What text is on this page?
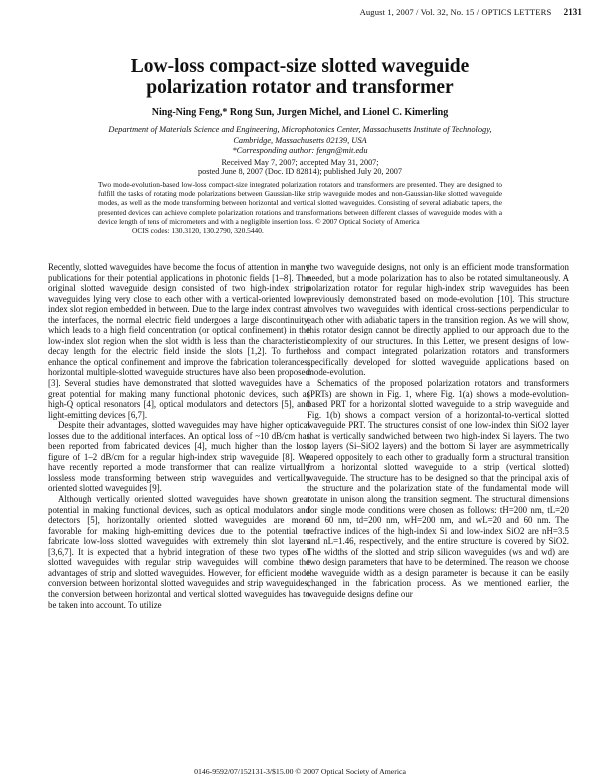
August 1, 2007 / Vol. 32, No. 15 / OPTICS LETTERS 2131
Low-loss compact-size slotted waveguide
polarization rotator and transformer
Ning-Ning Feng,* Rong Sun, Jurgen Michel, and Lionel C. Kimerling
Department of Materials Science and Engineering, Microphotonics Center, Massachusetts Institute of Technology,
Cambridge, Massachusetts 02139, USA
*Corresponding author: fengn@mit.edu
Received May 7, 2007; accepted May 31, 2007;
posted June 8, 2007 (Doc. ID 82814); published July 20, 2007
Two mode-evolution-based low-loss compact-size integrated polarization rotators and transformers are presented. They are designed to fulfill the tasks of rotating mode polarizations between Gaussian-like strip waveguide modes and non-Gaussian-like slotted waveguide modes, as well as the mode transforming between horizontal and vertical slotted waveguides. Consisting of several adiabatic tapers, the presented devices can achieve complete polarization rotations and transformations between different classes of waveguide modes with a device length of tens of micrometers and with a negligible insertion loss. © 2007 Optical Society of America
OCIS codes: 130.3120, 130.2790, 320.5440.

Recently, slotted waveguides have become the focus of attention in many publications for their potential applications in photonic fields [1–8]. The original slotted waveguide design consisted of two high-index strip waveguides lying very close to each other with a vertical-oriented low-index slot region embedded in between. Due to the large index contrast at the interfaces, the normal electric field undergoes a large discontinuity, which leads to a high field concentration (or optical confinement) in the low-index slot region when the slot width is less than the characteristic decay length for the electric field inside the slots [1,2]. To further enhance the optical confinement and improve the fabrication tolerances, horizontal multiple-slotted waveguide structures have also been proposed [3]. Several studies have demonstrated that slotted waveguides have a great potential for making many functional photonic devices, such as high-Q optical resonators [4], optical modulators and detectors [5], and light-emitting devices [6,7].

Despite their advantages, slotted waveguides may have higher optical losses due to the additional interfaces. An optical loss of ~10 dB/cm has been reported from fabricated devices [4], much higher than the loss figure of 1–2 dB/cm for a regular high-index strip waveguide [8]. We have recently reported a mode transformer that can realize virtually lossless mode transforming between strip waveguides and vertically oriented slotted waveguides [9].

Although vertically oriented slotted waveguides have shown great potential in making functional devices, such as optical modulators and detectors [5], horizontally oriented slotted waveguides are more favorable for making high-emitting devices due to the potential to fabricate low-loss slotted waveguides with extremely thin slot layers [3,6,7]. It is expected that a hybrid integration of these two types of slotted waveguides with regular strip waveguides will combine the advantages of strip and slotted waveguides. However, for efficient mode conversion between horizontal slotted waveguides and strip waveguides, the conversion between horizontal and vertical slotted waveguides has to be taken into account. To utilize

the two waveguide designs, not only is an efficient mode transformation needed, but a mode polarization has to also be rotated simultaneously. A polarization rotator for regular high-index strip waveguides has been previously demonstrated based on mode-evolution [10]. This structure involves two waveguides with identical cross-sections perpendicular to each other with adiabatic tapers in the transition region. As we will show, this rotator design cannot be directly applied to our approach due to the complexity of our structures. In this Letter, we present designs of low-loss and compact integrated polarization rotators and transformers specifically developed for slotted waveguide applications based on mode-evolution.

Schematics of the proposed polarization rotators and transformers (PRTs) are shown in Fig. 1, where Fig. 1(a) shows a mode-evolution-based PRT for a horizontal slotted waveguide to a strip waveguide and Fig. 1(b) shows a compact version of a horizontal-to-vertical slotted waveguide PRT. The structures consist of one low-index thin SiO2 layer that is vertically sandwiched between two high-index Si layers. The two top layers (Si–SiO2 layers) and the bottom Si layer are asymmetrically tapered oppositely to each other to gradually form a structural transition from a horizontal slotted waveguide to a strip (vertical slotted) waveguide. The structure has to be designed so that the principal axis of the structure and the polarization state of the fundamental mode will rotate in unison along the transition segment. The structural dimensions for single mode conditions were chosen as follows: tH=200 nm, tL=20 and 60 nm, td=200 nm, wH=200 nm, and wL=20 and 60 nm. The refractive indices of the high-index Si and low-index SiO2 are nH=3.5 and nL=1.46, respectively, and the entire structure is covered by SiO2. The widths of the slotted and strip silicon waveguides (ws and wd) are two design parameters that have to be determined. The reason we choose the waveguide width as a design parameter is because it can be easily changed in the fabrication process. As we mentioned earlier, the waveguide designs define our

0146-9592/07/152131-3/$15.00 © 2007 Optical Society of America
